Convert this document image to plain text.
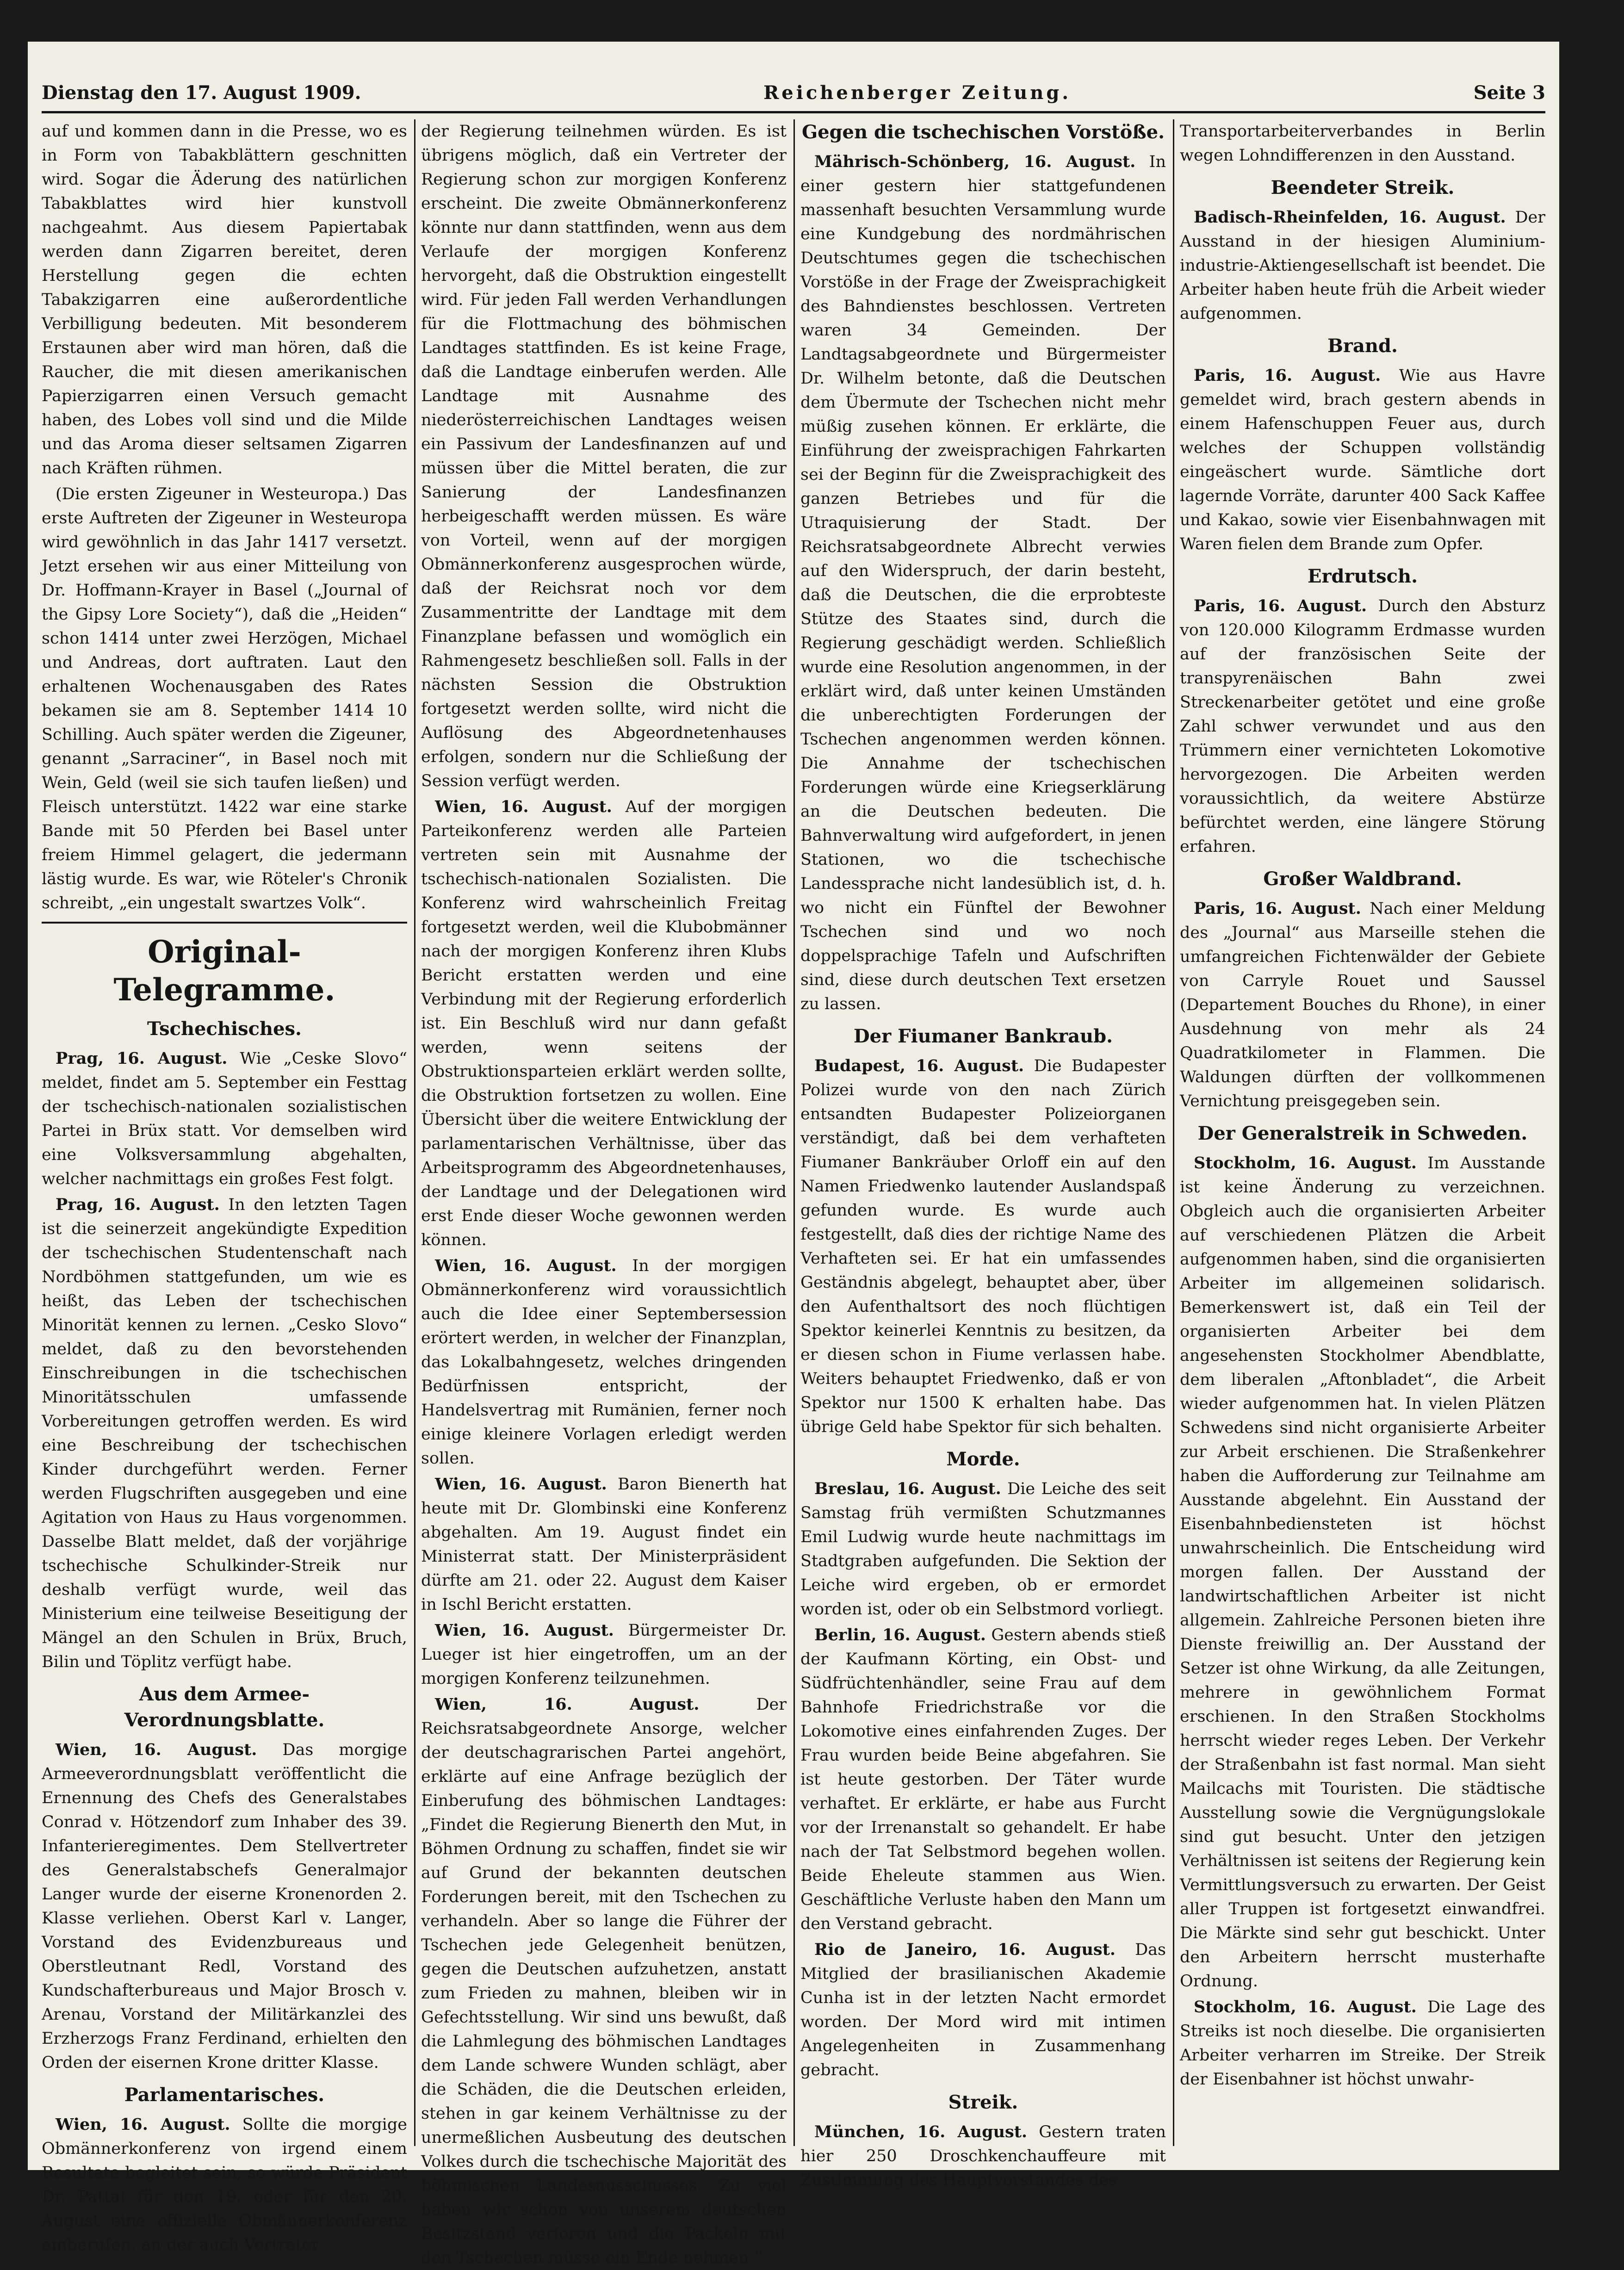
Dienstag den 17. August 1909.	Reichenberger Zeitung.	Seite 3

auf und kommen dann in die Presse, wo es in Form von Tabakblättern geschnitten wird. Sogar die Äderung des natürlichen Tabakblattes wird hier kunstvoll nachgeahmt. Aus diesem Papiertabak werden dann Zigarren bereitet, deren Herstellung gegen die echten Tabakzigarren eine außerordentliche Verbilligung bedeuten. Mit besonderem Erstaunen aber wird man hören, daß die Raucher, die mit diesen amerikanischen Papierzigarren einen Versuch gemacht haben, des Lobes voll sind und die Milde und das Aroma dieser seltsamen Zigarren nach Kräften rühmen.

(Die ersten Zigeuner in Westeuropa.) Das erste Auftreten der Zigeuner in Westeuropa wird gewöhnlich in das Jahr 1417 versetzt. Jetzt ersehen wir aus einer Mitteilung von Dr. Hoffmann-Krayer in Basel („Journal of the Gipsy Lore Society“), daß die „Heiden“ schon 1414 unter zwei Herzögen, Michael und Andreas, dort auftraten. Laut den erhaltenen Wochenausgaben des Rates bekamen sie am 8. September 1414 10 Schilling. Auch später werden die Zigeuner, genannt „Sarraciner“, in Basel noch mit Wein, Geld (weil sie sich taufen ließen) und Fleisch unterstützt. 1422 war eine starke Bande mit 50 Pferden bei Basel unter freiem Himmel gelagert, die jedermann lästig wurde. Es war, wie Röteler's Chronik schreibt, „ein ungestalt swartzes Volk“.

Original-Telegramme.
Tschechisches.

Prag, 16. August. Wie „Ceske Slovo“ meldet, findet am 5. September ein Festtag der tschechisch-nationalen sozialistischen Partei in Brüx statt. Vor demselben wird eine Volksversammlung abgehalten, welcher nachmittags ein großes Fest folgt.

Prag, 16. August. In den letzten Tagen ist die seinerzeit angekündigte Expedition der tschechischen Studentenschaft nach Nordböhmen stattgefunden, um wie es heißt, das Leben der tschechischen Minorität kennen zu lernen. „Cesko Slovo“ meldet, daß zu den bevorstehenden Einschreibungen in die tschechischen Minoritätsschulen umfassende Vorbereitungen getroffen werden. Es wird eine Beschreibung der tschechischen Kinder durchgeführt werden. Ferner werden Flugschriften ausgegeben und eine Agitation von Haus zu Haus vorgenommen. Dasselbe Blatt meldet, daß der vorjährige tschechische Schulkinder-Streik nur deshalb verfügt wurde, weil das Ministerium eine teilweise Beseitigung der Mängel an den Schulen in Brüx, Bruch, Bilin und Töplitz verfügt habe.

Aus dem Armee-Verordnungsblatte.

Wien, 16. August. Das morgige Armeeverordnungsblatt veröffentlicht die Ernennung des Chefs des Generalstabes Conrad v. Hötzendorf zum Inhaber des 39. Infanterieregimentes. Dem Stellvertreter des Generalstabschefs Generalmajor Langer wurde der eiserne Kronenorden 2. Klasse verliehen. Oberst Karl v. Langer, Vorstand des Evidenzbureaus und Oberstleutnant Redl, Vorstand des Kundschafterbureaus und Major Brosch v. Arenau, Vorstand der Militärkanzlei des Erzherzogs Franz Ferdinand, erhielten den Orden der eisernen Krone dritter Klasse.

Parlamentarisches.

Wien, 16. August. Sollte die morgige Obmännerkonferenz von irgend einem Resultate begleitet sein, so würde Präsident Dr. Pattai für den 19. oder für den 20. August eine offizielle Obmännerkonferenz einberufen, an der auch Vertreter

der Regierung teilnehmen würden. Es ist übrigens möglich, daß ein Vertreter der Regierung schon zur morgigen Konferenz erscheint. Die zweite Obmännerkonferenz könnte nur dann stattfinden, wenn aus dem Verlaufe der morgigen Konferenz hervorgeht, daß die Obstruktion eingestellt wird. Für jeden Fall werden Verhandlungen für die Flottmachung des böhmischen Landtages stattfinden. Es ist keine Frage, daß die Landtage einberufen werden. Alle Landtage mit Ausnahme des niederösterreichischen Landtages weisen ein Passivum der Landesfinanzen auf und müssen über die Mittel beraten, die zur Sanierung der Landesfinanzen herbeigeschafft werden müssen. Es wäre von Vorteil, wenn auf der morgigen Obmännerkonferenz ausgesprochen würde, daß der Reichsrat noch vor dem Zusammentritte der Landtage mit dem Finanzplane befassen und womöglich ein Rahmengesetz beschließen soll. Falls in der nächsten Session die Obstruktion fortgesetzt werden sollte, wird nicht die Auflösung des Abgeordnetenhauses erfolgen, sondern nur die Schließung der Session verfügt werden.

Wien, 16. August. Auf der morgigen Parteikonferenz werden alle Parteien vertreten sein mit Ausnahme der tschechisch-nationalen Sozialisten. Die Konferenz wird wahrscheinlich Freitag fortgesetzt werden, weil die Klubobmänner nach der morgigen Konferenz ihren Klubs Bericht erstatten werden und eine Verbindung mit der Regierung erforderlich ist. Ein Beschluß wird nur dann gefaßt werden, wenn seitens der Obstruktionsparteien erklärt werden sollte, die Obstruktion fortsetzen zu wollen. Eine Übersicht über die weitere Entwicklung der parlamentarischen Verhältnisse, über das Arbeitsprogramm des Abgeordnetenhauses, der Landtage und der Delegationen wird erst Ende dieser Woche gewonnen werden können.

Wien, 16. August. In der morgigen Obmännerkonferenz wird voraussichtlich auch die Idee einer Septembersession erörtert werden, in welcher der Finanzplan, das Lokalbahngesetz, welches dringenden Bedürfnissen entspricht, der Handelsvertrag mit Rumänien, ferner noch einige kleinere Vorlagen erledigt werden sollen.

Wien, 16. August. Baron Bienerth hat heute mit Dr. Glombinski eine Konferenz abgehalten. Am 19. August findet ein Ministerrat statt. Der Ministerpräsident dürfte am 21. oder 22. August dem Kaiser in Ischl Bericht erstatten.

Wien, 16. August. Bürgermeister Dr. Lueger ist hier eingetroffen, um an der morgigen Konferenz teilzunehmen.

Wien, 16. August.	Der Reichsratsabgeordnete Ansorge, welcher der deutschagrarischen Partei angehört, erklärte auf eine Anfrage bezüglich der Einberufung des böhmischen Landtages: „Findet die Regierung Bienerth den Mut, in Böhmen Ordnung zu schaffen, findet sie wir auf Grund der bekannten deutschen Forderungen bereit, mit den Tschechen zu verhandeln. Aber so lange die Führer der Tschechen jede Gelegenheit benützen, gegen die Deutschen aufzuhetzen, anstatt zum Frieden zu mahnen, bleiben wir in Gefechtsstellung. Wir sind uns bewußt, daß die Lahmlegung des böhmischen Landtages dem Lande schwere Wunden schlägt, aber die Schäden, die die Deutschen erleiden, stehen in gar keinem Verhältnisse zu der unermeßlichen Ausbeutung des deutschen Volkes durch die tschechische Majorität des böhmischen Landesausschusses. Zu viel haben wir schon von unserem deutschen Besitzstand verloren und die Packeln mit den Tschechen müsse ein Ende nehmen.“

Gegen die tschechischen Vorstöße.

Mährisch-Schönberg, 16. August. In einer gestern hier stattgefundenen massenhaft besuchten Versammlung wurde eine Kundgebung des nordmährischen Deutschtumes gegen die tschechischen Vorstöße in der Frage der Zweisprachigkeit des Bahndienstes beschlossen. Vertreten waren 34 Gemeinden. Der Landtagsabgeordnete und Bürgermeister Dr. Wilhelm betonte, daß die Deutschen dem Übermute der Tschechen nicht mehr müßig zusehen können. Er erklärte, die Einführung der zweisprachigen Fahrkarten sei der Beginn für die Zweisprachigkeit des ganzen Betriebes und für die Utraquisierung der Stadt. Der Reichsratsabgeordnete Albrecht verwies auf den Widerspruch, der darin besteht, daß die Deutschen, die die erprobteste Stütze des Staates sind, durch die Regierung geschädigt werden. Schließlich wurde eine Resolution angenommen, in der erklärt wird, daß unter keinen Umständen die unberechtigten Forderungen der Tschechen angenommen werden können. Die Annahme der tschechischen Forderungen würde eine Kriegserklärung an die Deutschen bedeuten. Die Bahnverwaltung wird aufgefordert, in jenen Stationen, wo die tschechische Landessprache nicht landesüblich ist, d. h. wo nicht ein Fünftel der Bewohner Tschechen sind und wo noch doppelsprachige Tafeln und Aufschriften sind, diese durch deutschen Text ersetzen zu lassen.

Der Fiumaner Bankraub.

Budapest, 16. August. Die Budapester Polizei wurde von den nach Zürich entsandten Budapester Polizeiorganen verständigt, daß bei dem verhafteten Fiumaner Bankräuber Orloff ein auf den Namen Friedwenko lautender Auslandspaß gefunden wurde. Es wurde auch festgestellt, daß dies der richtige Name des Verhafteten sei. Er hat ein umfassendes Geständnis abgelegt, behauptet aber, über den Aufenthaltsort des noch flüchtigen Spektor keinerlei Kenntnis zu besitzen, da er diesen schon in Fiume verlassen habe. Weiters behauptet Friedwenko, daß er von Spektor nur 1500 K erhalten habe. Das übrige Geld habe Spektor für sich behalten.

Morde.

Breslau, 16. August. Die Leiche des seit Samstag früh vermißten Schutzmannes Emil Ludwig wurde heute nachmittags im Stadtgraben aufgefunden. Die Sektion der Leiche wird ergeben, ob er ermordet worden ist, oder ob ein Selbstmord vorliegt.

Berlin, 16. August. Gestern abends stieß der Kaufmann Körting, ein Obst- und Südfrüchtenhändler, seine Frau auf dem Bahnhofe Friedrichstraße vor die Lokomotive eines einfahrenden Zuges. Der Frau wurden beide Beine abgefahren. Sie ist heute gestorben. Der Täter wurde verhaftet. Er erklärte, er habe aus Furcht vor der Irrenanstalt so gehandelt. Er habe nach der Tat Selbstmord begehen wollen. Beide Eheleute stammen aus Wien. Geschäftliche Verluste haben den Mann um den Verstand gebracht.

Rio de Janeiro, 16. August. Das Mitglied der brasilianischen Akademie Cunha ist in der letzten Nacht ermordet worden. Der Mord wird mit intimen Angelegenheiten in Zusammenhang gebracht.

Streik.

München, 16. August. Gestern traten hier 250 Droschkenchauffeure mit Zustimmung des Hauptvorstandes des

Transportarbeiterverbandes in Berlin wegen Lohndifferenzen in den Ausstand.

Beendeter Streik.

Badisch-Rheinfelden, 16. August. Der Ausstand in der hiesigen Aluminium-industrie-Aktiengesellschaft ist beendet. Die Arbeiter haben heute früh die Arbeit wieder aufgenommen.

Brand.

Paris, 16. August. Wie aus Havre gemeldet wird, brach gestern abends in einem Hafenschuppen Feuer aus, durch welches der Schuppen vollständig eingeäschert wurde. Sämtliche dort lagernde Vorräte, darunter 400 Sack Kaffee und Kakao, sowie vier Eisenbahnwagen mit Waren fielen dem Brande zum Opfer.

Erdrutsch.

Paris, 16. August. Durch den Absturz von 120.000 Kilogramm Erdmasse wurden auf der französischen Seite der transpyrenäischen Bahn zwei Streckenarbeiter getötet und eine große Zahl schwer verwundet und aus den Trümmern einer vernichteten Lokomotive hervorgezogen. Die Arbeiten werden voraussichtlich, da weitere Abstürze befürchtet werden, eine längere Störung erfahren.

Großer Waldbrand.

Paris, 16. August. Nach einer Meldung des „Journal“ aus Marseille stehen die umfangreichen Fichtenwälder der Gebiete von Carryle Rouet und Saussel (Departement Bouches du Rhone), in einer Ausdehnung von mehr als 24 Quadratkilometer in Flammen. Die Waldungen dürften der vollkommenen Vernichtung preisgegeben sein.

Der Generalstreik in Schweden.

Stockholm, 16. August. Im Ausstande ist keine Änderung zu verzeichnen. Obgleich auch die organisierten Arbeiter auf verschiedenen Plätzen die Arbeit aufgenommen haben, sind die organisierten Arbeiter im allgemeinen solidarisch. Bemerkenswert ist, daß ein Teil der organisierten Arbeiter bei dem angesehensten Stockholmer Abendblatte, dem liberalen „Aftonbladet“, die Arbeit wieder aufgenommen hat. In vielen Plätzen Schwedens sind nicht organisierte Arbeiter zur Arbeit erschienen. Die Straßenkehrer haben die Aufforderung zur Teilnahme am Ausstande abgelehnt. Ein Ausstand der Eisenbahnbediensteten ist höchst unwahrscheinlich. Die Entscheidung wird morgen fallen. Der Ausstand der landwirtschaftlichen Arbeiter ist nicht allgemein. Zahlreiche Personen bieten ihre Dienste freiwillig an. Der Ausstand der Setzer ist ohne Wirkung, da alle Zeitungen, mehrere in gewöhnlichem Format erschienen. In den Straßen Stockholms herrscht wieder reges Leben. Der Verkehr der Straßenbahn ist fast normal. Man sieht Mailcachs mit Touristen. Die städtische Ausstellung sowie die Vergnügungslokale sind gut besucht. Unter den jetzigen Verhältnissen ist seitens der Regierung kein Vermittlungsversuch zu erwarten. Der Geist aller Truppen ist fortgesetzt einwandfrei. Die Märkte sind sehr gut beschickt. Unter den Arbeitern herrscht musterhafte Ordnung.

Stockholm, 16. August. Die Lage des Streiks ist noch dieselbe. Die organisierten Arbeiter verharren im Streike. Der Streik der Eisenbahner ist höchst unwahr-
